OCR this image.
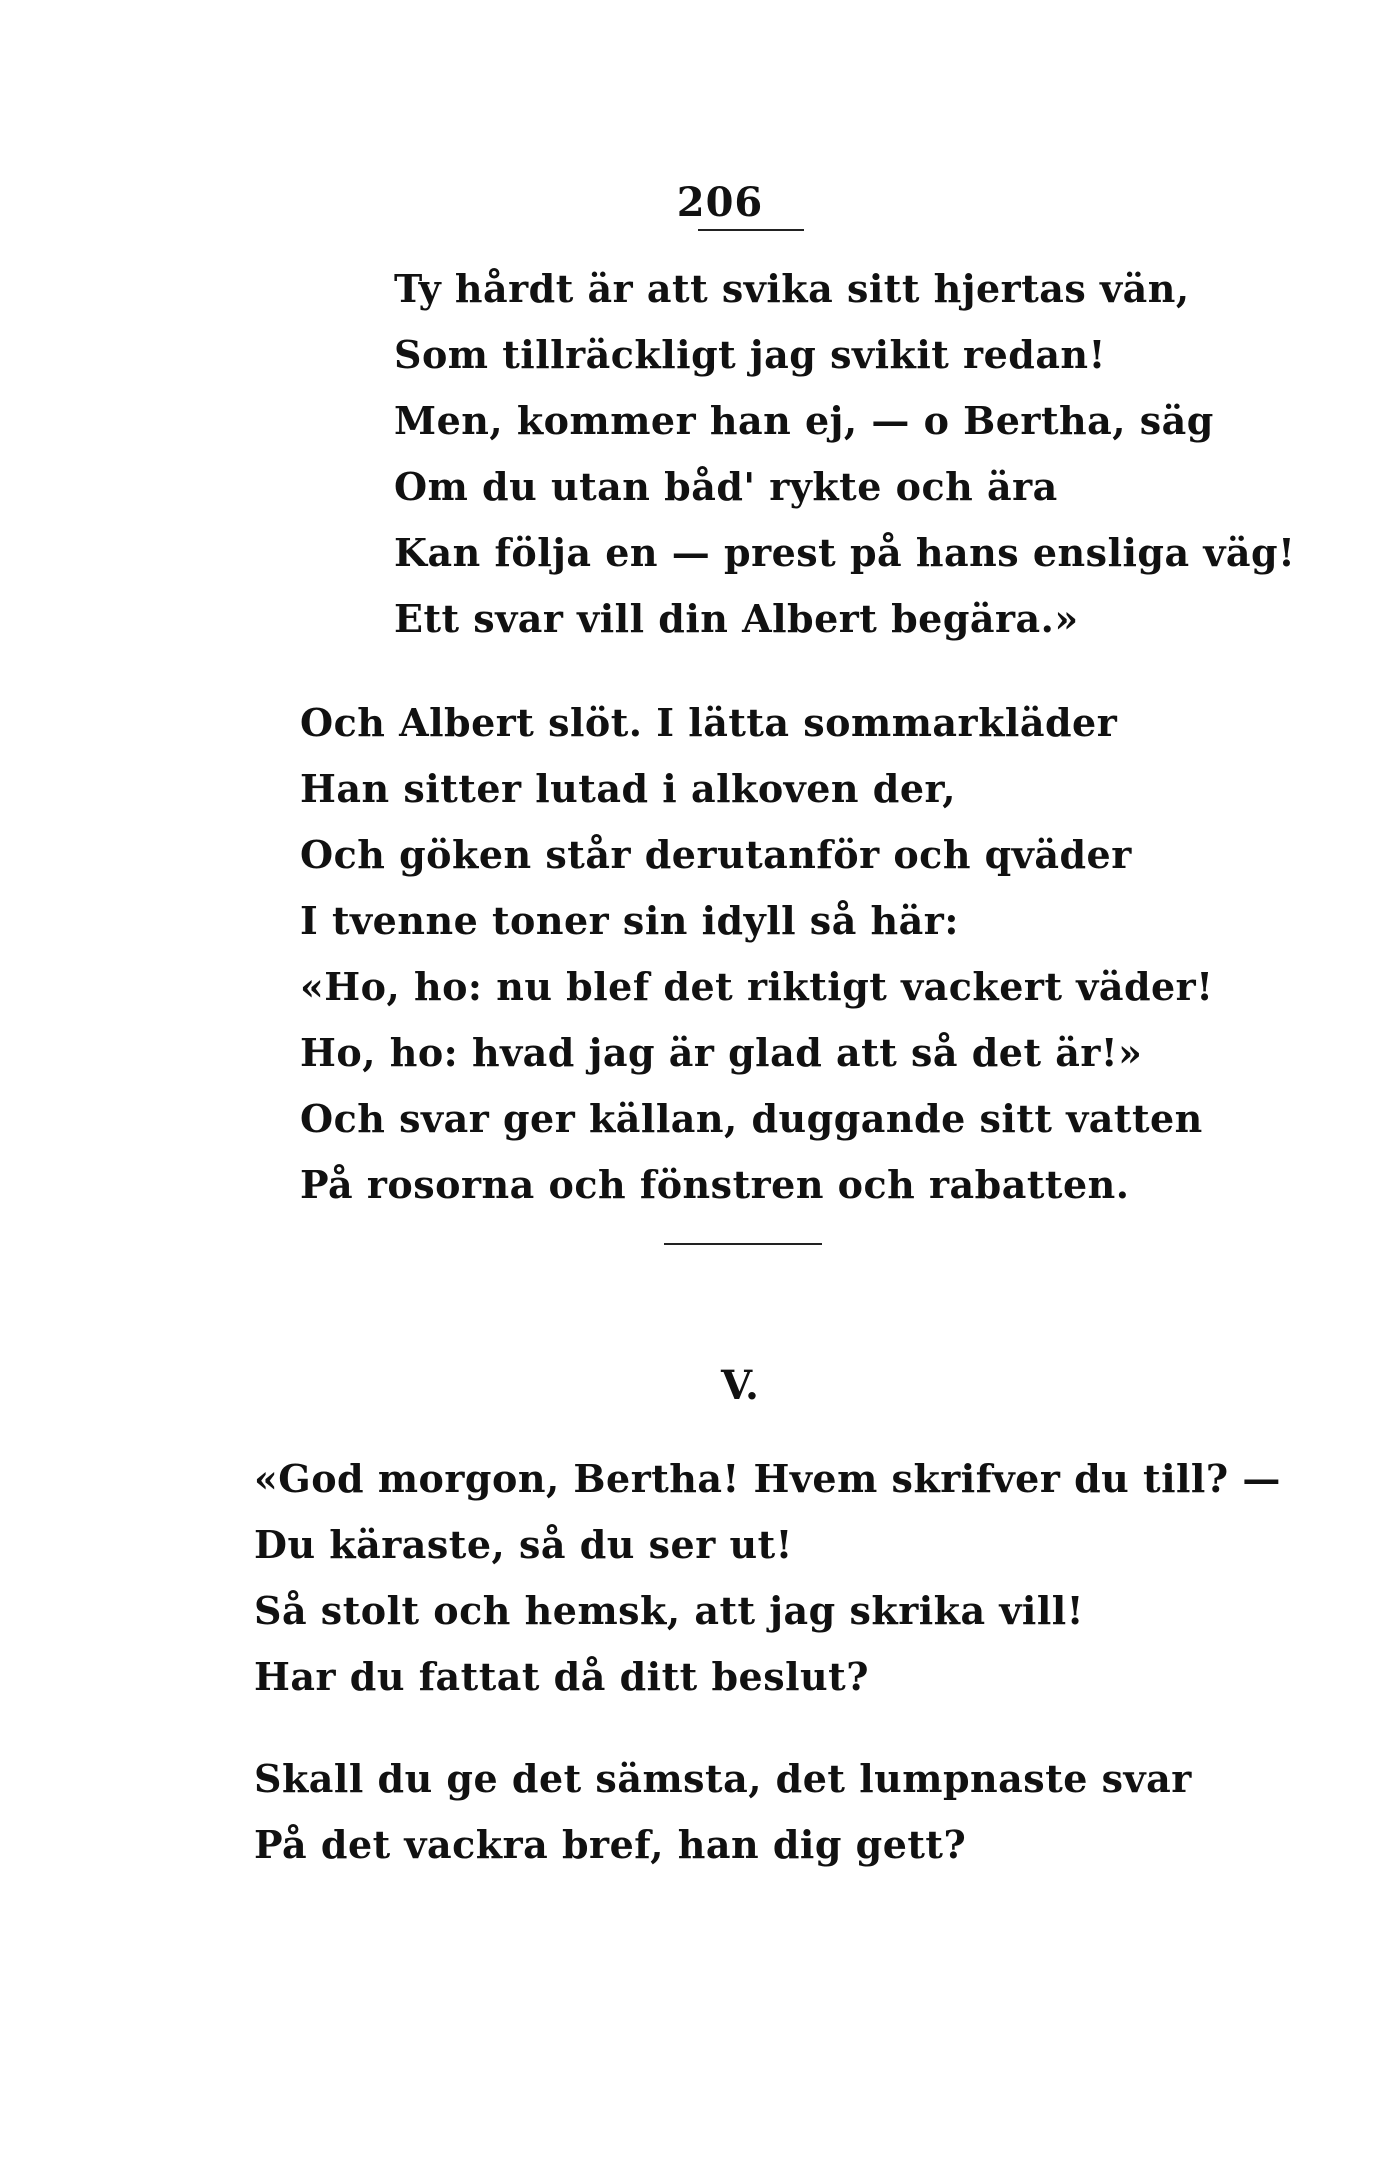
206
Ty hårdt är att svika sitt hjertas vän,
Som tillräckligt jag svikit redan!
Men, kommer han ej, — o Bertha, säg
Om du utan båd' rykte och ära
Kan följa en — prest på hans ensliga väg!
Ett svar vill din Albert begära.»
Och Albert slöt. I lätta sommarkläder
Han sitter lutad i alkoven der,
Och göken står derutanför och qväder
I tvenne toner sin idyll så här:
«Ho, ho: nu blef det riktigt vackert väder!
Ho, ho: hvad jag är glad att så det är!»
Och svar ger källan, duggande sitt vatten
På rosorna och fönstren och rabatten.
V.
«God morgon, Bertha! Hvem skrifver du till? —
Du käraste, så du ser ut!
Så stolt och hemsk, att jag skrika vill!
Har du fattat då ditt beslut?
Skall du ge det sämsta, det lumpnaste svar
På det vackra bref, han dig gett?
